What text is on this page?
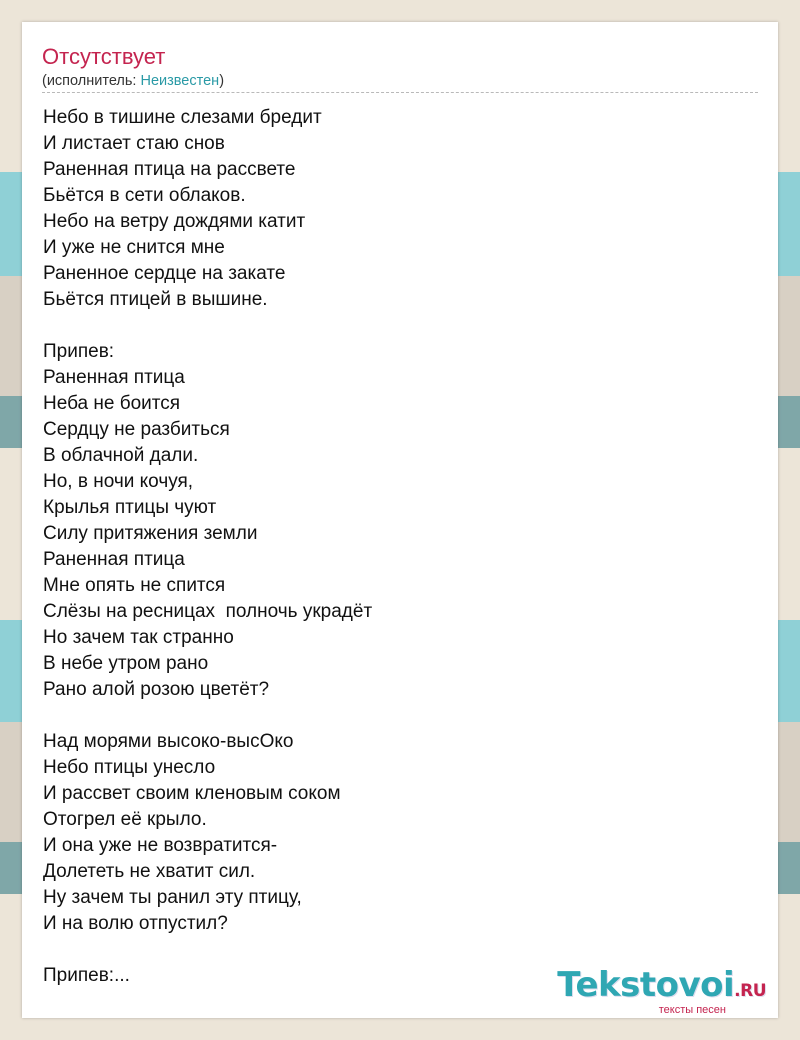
Отсутствует
(исполнитель: Неизвестен)
Небо в тишине слезами бредит
И листает стаю снов
Раненная птица на рассвете
Бьётся в сети облаков.
Небо на ветру дождями катит
И уже не снится мне
Раненное сердце на закате
Бьётся птицей в вышине.
Припев:
Раненная птица
Неба не боится
Сердцу не разбиться
В облачной дали.
Но, в ночи кочуя,
Крылья птицы чуют
Силу притяжения земли
Раненная птица
Мне опять не спится
Слёзы на ресницах  полночь украдёт
Но зачем так странно
В небе утром рано
Рано алой розою цветёт?
Над морями высоко-высОко
Небо птицы унесло
И рассвет своим кленовым соком
Отогрел её крыло.
И она уже не возвратится-
Долететь не хватит сил.
Ну зачем ты ранил эту птицу,
И на волю отпустил?
Припев:...	Tekstovoi.RU
тексты песен
